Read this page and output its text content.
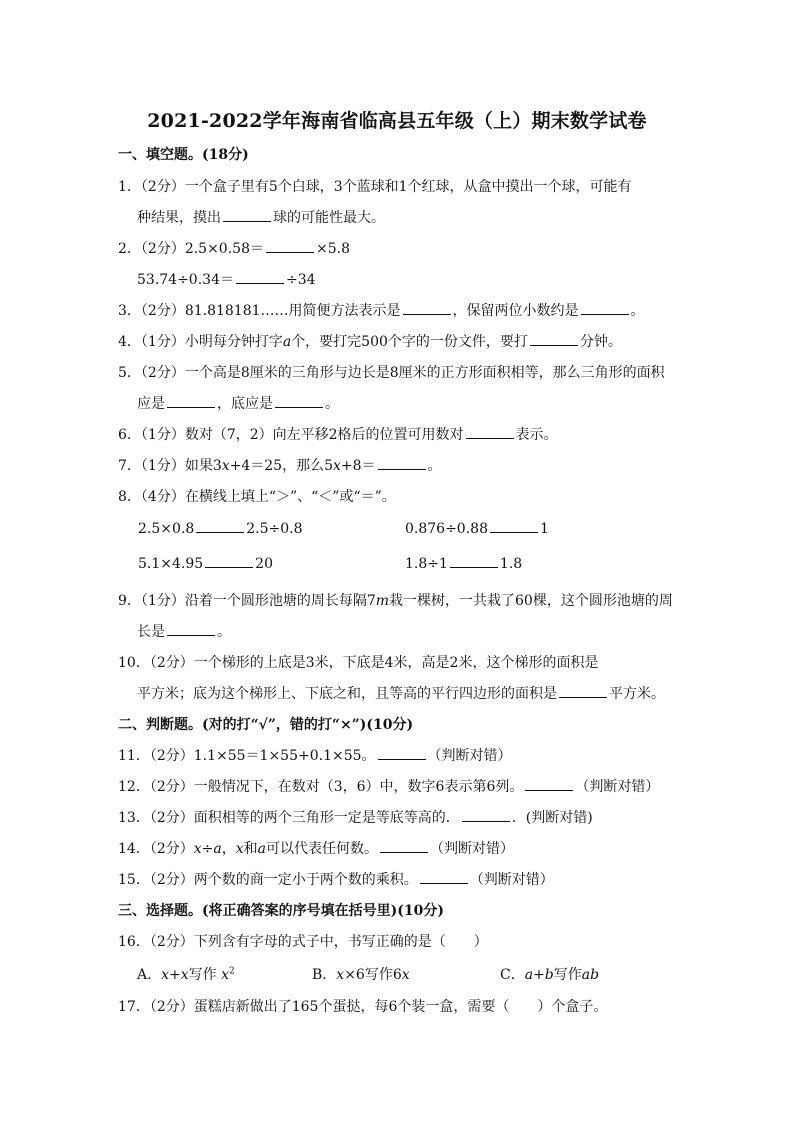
2021-2022学年海南省临高县五年级（上）期末数学试卷
一、填空题。(18分)
1．（2分）一个盒子里有5个白球，3个蓝球和1个红球，从盒中摸出一个球，可能有
种结果，摸出	球的可能性最大。
2．（2分）2.5×0.58＝	×5.8
53.74÷0.34＝	÷34
3．（2分）81.818181……用简便方法表示是	，保留两位小数约是	。
4．（1分）小明每分钟打字a个，要打完500个字的一份文件，要打	分钟。
5．（2分）一个高是8厘米的三角形与边长是8厘米的正方形面积相等，那么三角形的面积
应是	，底应是	。
6．（1分）数对（7，2）向左平移2格后的位置可用数对	表示。
7．（1分）如果3x+4＝25，那么5x+8＝	。
8．（4分）在横线上填上“＞”、“＜”或“＝”。
2.5×0.8	2.5÷0.8	0.876÷0.88	1
5.1×4.95	20	1.8÷1	1.8
9．（1分）沿着一个圆形池塘的周长每隔7m栽一棵树，一共栽了60棵，这个圆形池塘的周
长是	。
10．（2分）一个梯形的上底是3米，下底是4米，高是2米，这个梯形的面积是
平方米；底为这个梯形上、下底之和，且等高的平行四边形的面积是	平方米。
二、判断题。(对的打“√”，错的打“×”)(10分)
11．（2分）1.1×55＝1×55+0.1×55。	（判断对错）
12．（2分）一般情况下，在数对（3，6）中，数字6表示第6列。	（判断对错）
13．（2分）面积相等的两个三角形一定是等底等高的．	．(判断对错)
14．（2分）x÷a，x和a可以代表任何数。	（判断对错）
15．（2分）两个数的商一定小于两个数的乘积。	（判断对错）
三、选择题。(将正确答案的序号填在括号里)(10分)
16．（2分）下列含有字母的式子中，书写正确的是（　　）
A．x+x写作 $x^2$	B．x×6写作6x	C．a+b写作ab
17．（2分）蛋糕店新做出了165个蛋挞，每6个装一盒，需要（　　）个盒子。
